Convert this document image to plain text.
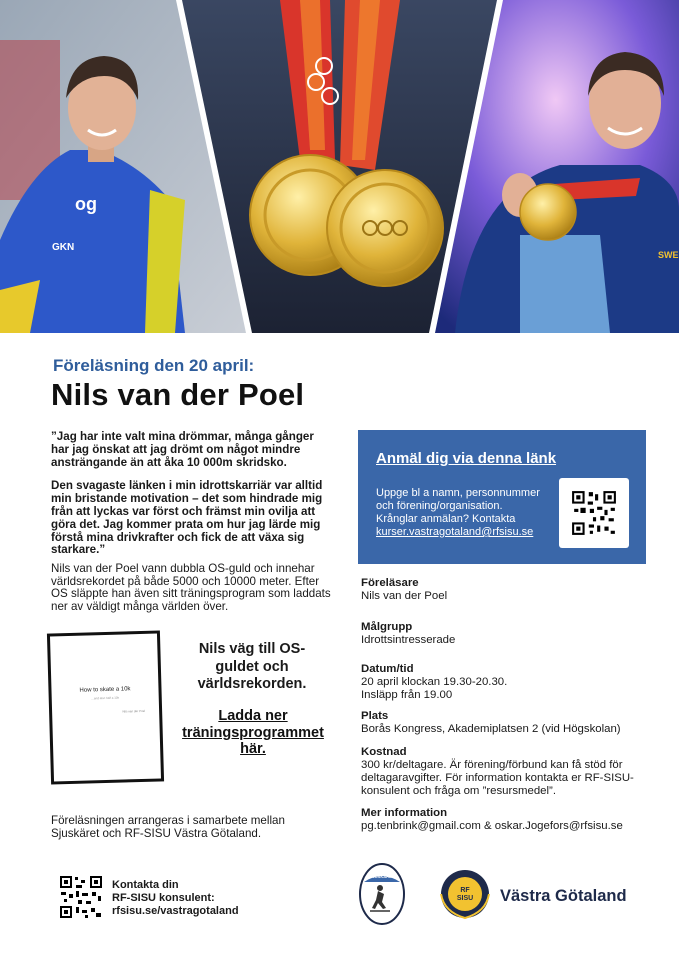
og
GKN
SWE
Föreläsning den 20 april:
Nils van der Poel

”Jag har inte valt mina drömmar, många gånger har jag önskat att jag drömt om något mindre ansträngande än att åka 10 000m skridsko.

Den svagaste länken i min idrottskarriär var alltid min bristande motivation – det som hindrade mig från att lyckas var först och främst min ovilja att göra det. Jag kommer prata om hur jag lärde mig förstå mina drivkrafter och fick de att växa sig starkare.”

Nils van der Poel vann dubbla OS-guld och innehar världsrekordet på både 5000 och 10000 meter. Efter OS släppte han även sitt träningsprogram som laddats ner av väldigt många världen över.
How to skate a 10k
...and also half a 10k
Nils van der Poel
Nils väg till OS-guldet och världsrekorden.
Ladda ner träningsprogrammet här.
Föreläsningen arrangeras i samarbete mellan Sjuskäret och RF-SISU Västra Götaland.
Kontakta din
RF-SISU konsulent:
rfsisu.se/vastragotaland
Anmäl dig via denna länk
Uppge bl a namn, personnummer
och förening/organisation.
Krånglar anmälan? Kontakta
kurser.vastragotaland@rfsisu.se
Föreläsare
Nils van der Poel
Målgrupp
Idrottsintresserade
Datum/tid
20 april klockan 19.30-20.30.
Insläpp från 19.00
Plats
Borås Kongress, Akademiplatsen 2 (vid Högskolan)
Kostnad
300 kr/deltagare. Är förening/förbund kan få stöd för deltagaravgifter. För information kontakta er RF-SISU-konsulent och fråga om ”resursmedel”.
Mer information
pg.tenbrink@gmail.com & oskar.Jogefors@rfsisu.se
SJUSKÄRET
RF
SISU Västra Götaland
